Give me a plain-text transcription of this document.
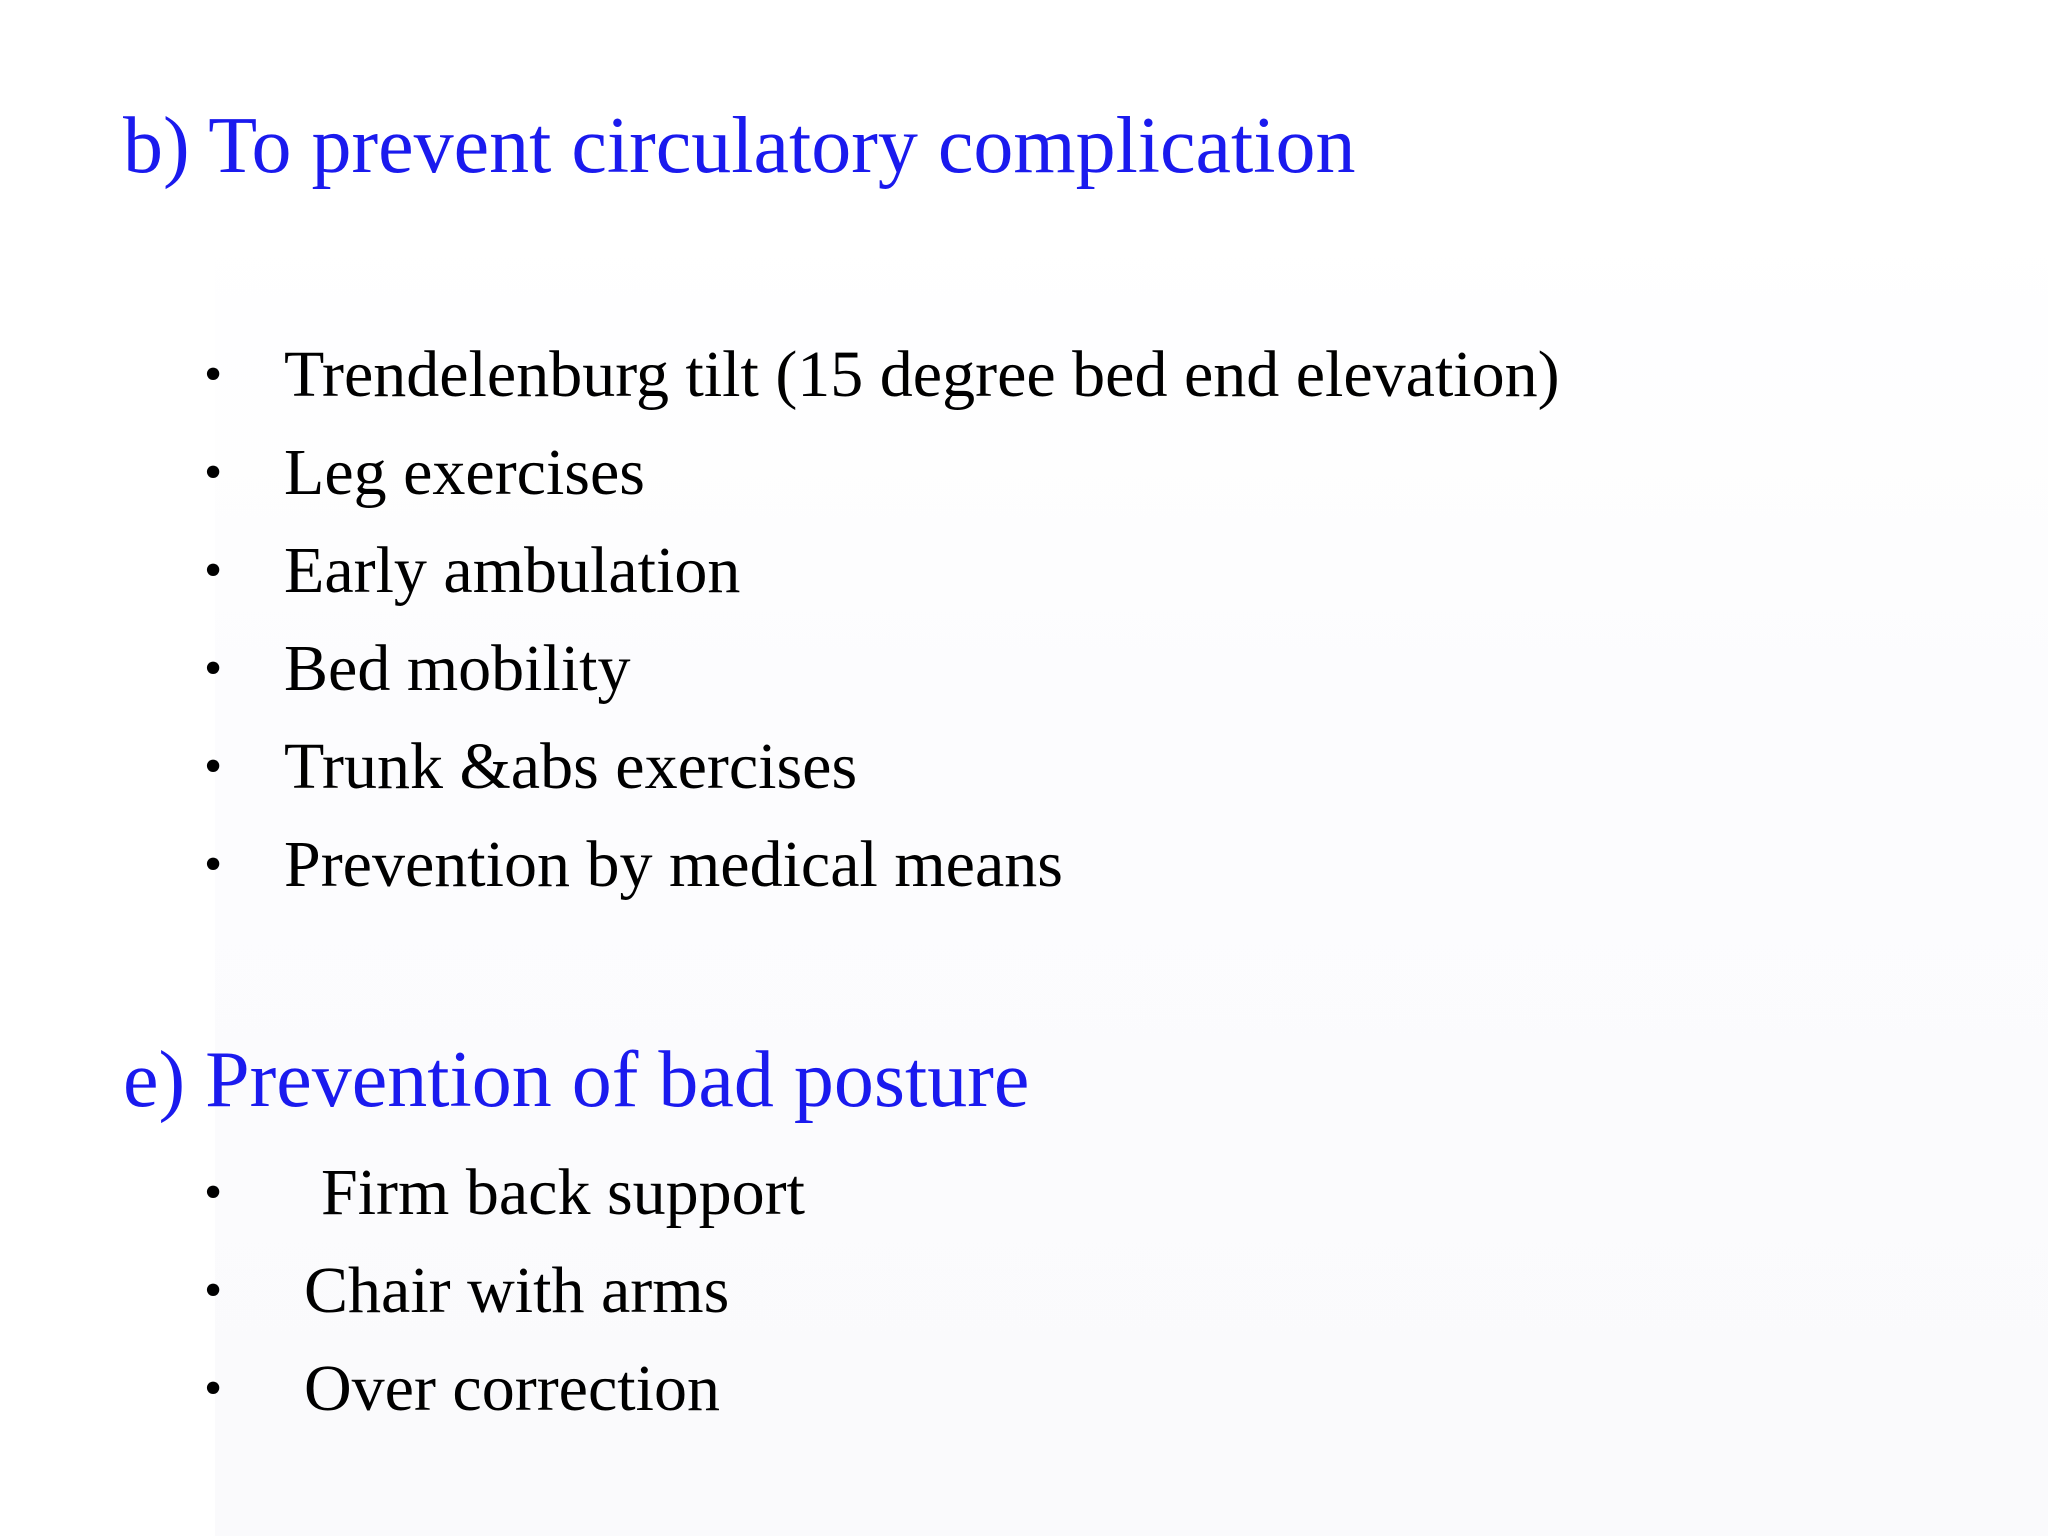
b) To prevent circulatory complication
• Trendelenburg tilt (15 degree bed end elevation)
• Leg exercises
• Early ambulation
• Bed mobility
• Trunk &abs exercises
• Prevention by medical means
e) Prevention of bad posture
• Firm back support
• Chair with arms
• Over correction
